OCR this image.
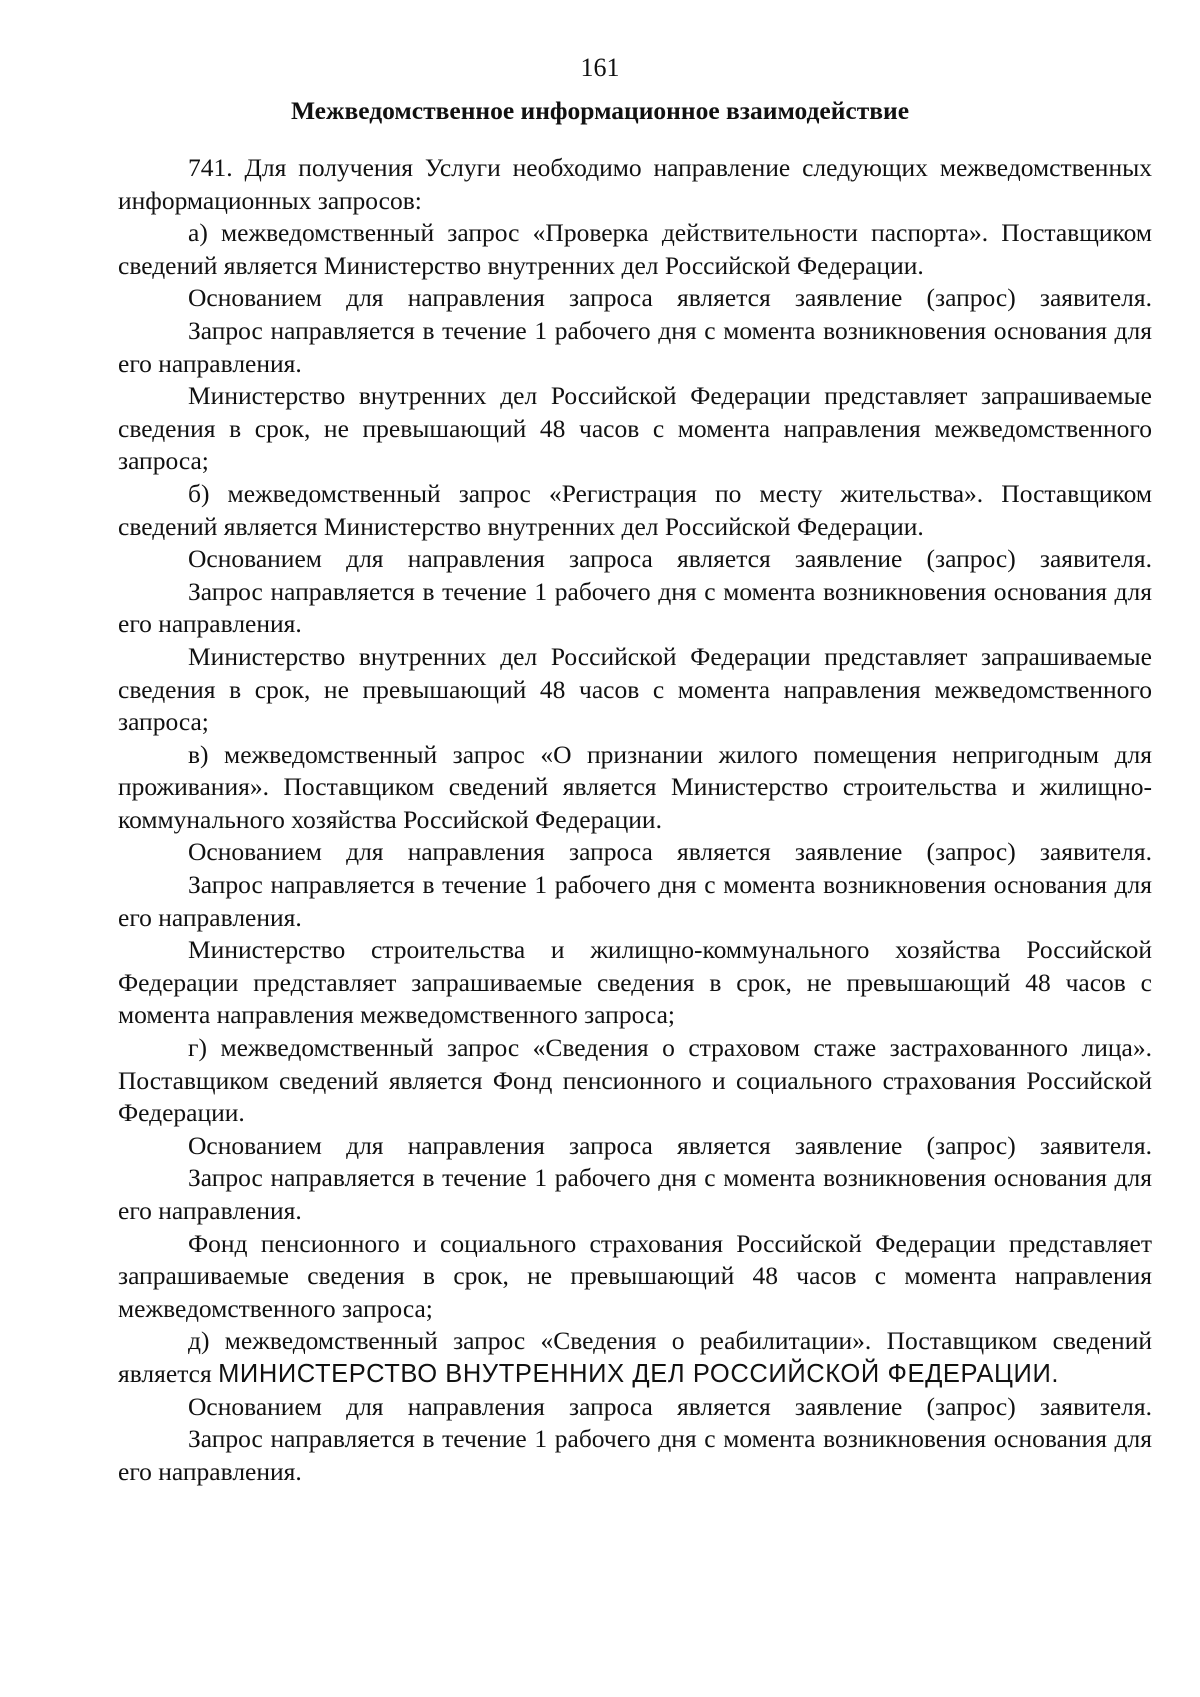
161
Межведомственное информационное взаимодействие

741. Для получения Услуги необходимо направление следующих межведомственных информационных запросов:

а) межведомственный запрос «Проверка действительности паспорта». Поставщиком сведений является Министерство внутренних дел Российской Федерации.

Основанием для направления запроса является заявление (запрос) заявителя.

Запрос направляется в течение 1 рабочего дня с момента возникновения основания для его направления.

Министерство внутренних дел Российской Федерации представляет запрашиваемые сведения в срок, не превышающий 48 часов с момента направления межведомственного запроса;

б) межведомственный запрос «Регистрация по месту жительства». Поставщиком сведений является Министерство внутренних дел Российской Федерации.

Основанием для направления запроса является заявление (запрос) заявителя.

Запрос направляется в течение 1 рабочего дня с момента возникновения основания для его направления.

Министерство внутренних дел Российской Федерации представляет запрашиваемые сведения в срок, не превышающий 48 часов с момента направления межведомственного запроса;

в) межведомственный запрос «О признании жилого помещения непригодным для проживания». Поставщиком сведений является Министерство строительства и жилищно-коммунального хозяйства Российской Федерации.

Основанием для направления запроса является заявление (запрос) заявителя.

Запрос направляется в течение 1 рабочего дня с момента возникновения основания для его направления.

Министерство строительства и жилищно-коммунального хозяйства Российской Федерации представляет запрашиваемые сведения в срок, не превышающий 48 часов с момента направления межведомственного запроса;

г) межведомственный запрос «Сведения о страховом стаже застрахованного лица». Поставщиком сведений является Фонд пенсионного и социального страхования Российской Федерации.

Основанием для направления запроса является заявление (запрос) заявителя.

Запрос направляется в течение 1 рабочего дня с момента возникновения основания для его направления.

Фонд пенсионного и социального страхования Российской Федерации представляет запрашиваемые сведения в срок, не превышающий 48 часов с момента направления межведомственного запроса;

д) межведомственный запрос «Сведения о реабилитации». Поставщиком сведений является МИНИСТЕРСТВО ВНУТРЕННИХ ДЕЛ РОССИЙСКОЙ ФЕДЕРАЦИИ.

Основанием для направления запроса является заявление (запрос) заявителя.

Запрос направляется в течение 1 рабочего дня с момента возникновения основания для его направления.
